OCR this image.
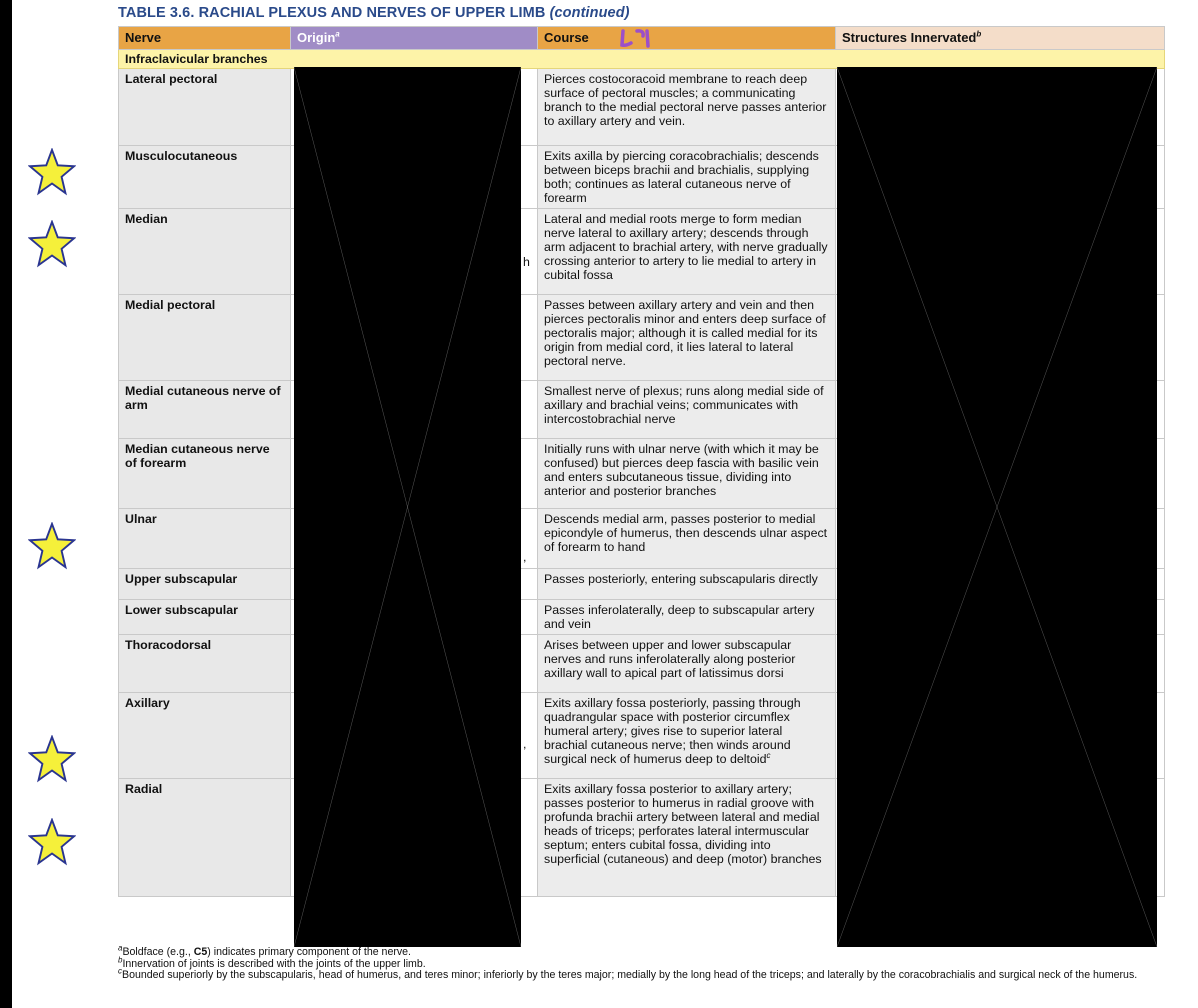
TABLE 3.6. RACHIAL PLEXUS AND NERVES OF UPPER LIMB (continued)
Nerve	Origin$^a$	Course	Structures Innervated$^b$
Infraclavicular branches			
Lateral pectoral		Pierces costocoracoid membrane to reach deep surface of pectoral muscles; a communicating branch to the medial pectoral nerve passes anterior to axillary artery and vein.	
Musculocutaneous		Exits axilla by piercing coracobrachialis; descends between biceps brachii and brachialis, supplying both; continues as lateral cutaneous nerve of forearm	
Median		Lateral and medial roots merge to form median nerve lateral to axillary artery; descends through arm adjacent to brachial artery, with nerve gradually crossing anterior to artery to lie medial to artery in cubital fossa	
Medial pectoral		Passes between axillary artery and vein and then pierces pectoralis minor and enters deep surface of pectoralis major; although it is called medial for its origin from medial cord, it lies lateral to lateral pectoral nerve.	
Medial cutaneous nerve of arm		Smallest nerve of plexus; runs along medial side of axillary and brachial veins; communicates with intercostobrachial nerve	
Median cutaneous nerve of forearm		Initially runs with ulnar nerve (with which it may be confused) but pierces deep fascia with basilic vein and enters subcutaneous tissue, dividing into anterior and posterior branches	
Ulnar		Descends medial arm, passes posterior to medial epicondyle of humerus, then descends ulnar aspect of forearm to hand	
Upper subscapular		Passes posteriorly, entering subscapularis directly	
Lower subscapular		Passes inferolaterally, deep to subscapular artery and vein	
Thoracodorsal		Arises between upper and lower subscapular nerves and runs inferolaterally along posterior axillary wall to apical part of latissimus dorsi	
Axillary		Exits axillary fossa posteriorly, passing through quadrangular space with posterior circumflex humeral artery; gives rise to superior lateral brachial cutaneous nerve; then winds around surgical neck of humerus deep to deltoid$^c$	
Radial		Exits axillary fossa posterior to axillary artery; passes posterior to humerus in radial groove with profunda brachii artery between lateral and medial heads of triceps; perforates lateral intermuscular septum; enters cubital fossa, dividing into superficial (cutaneous) and deep (motor) branches	
L1
h
,
,
$^a$Boldface (e.g., C5) indicates primary component of the nerve.
$^b$Innervation of joints is described with the joints of the upper limb.
$^c$Bounded superiorly by the subscapularis, head of humerus, and teres minor; inferiorly by the teres major; medially by the long head of the triceps; and laterally by the coracobrachialis and surgical neck of the humerus.
